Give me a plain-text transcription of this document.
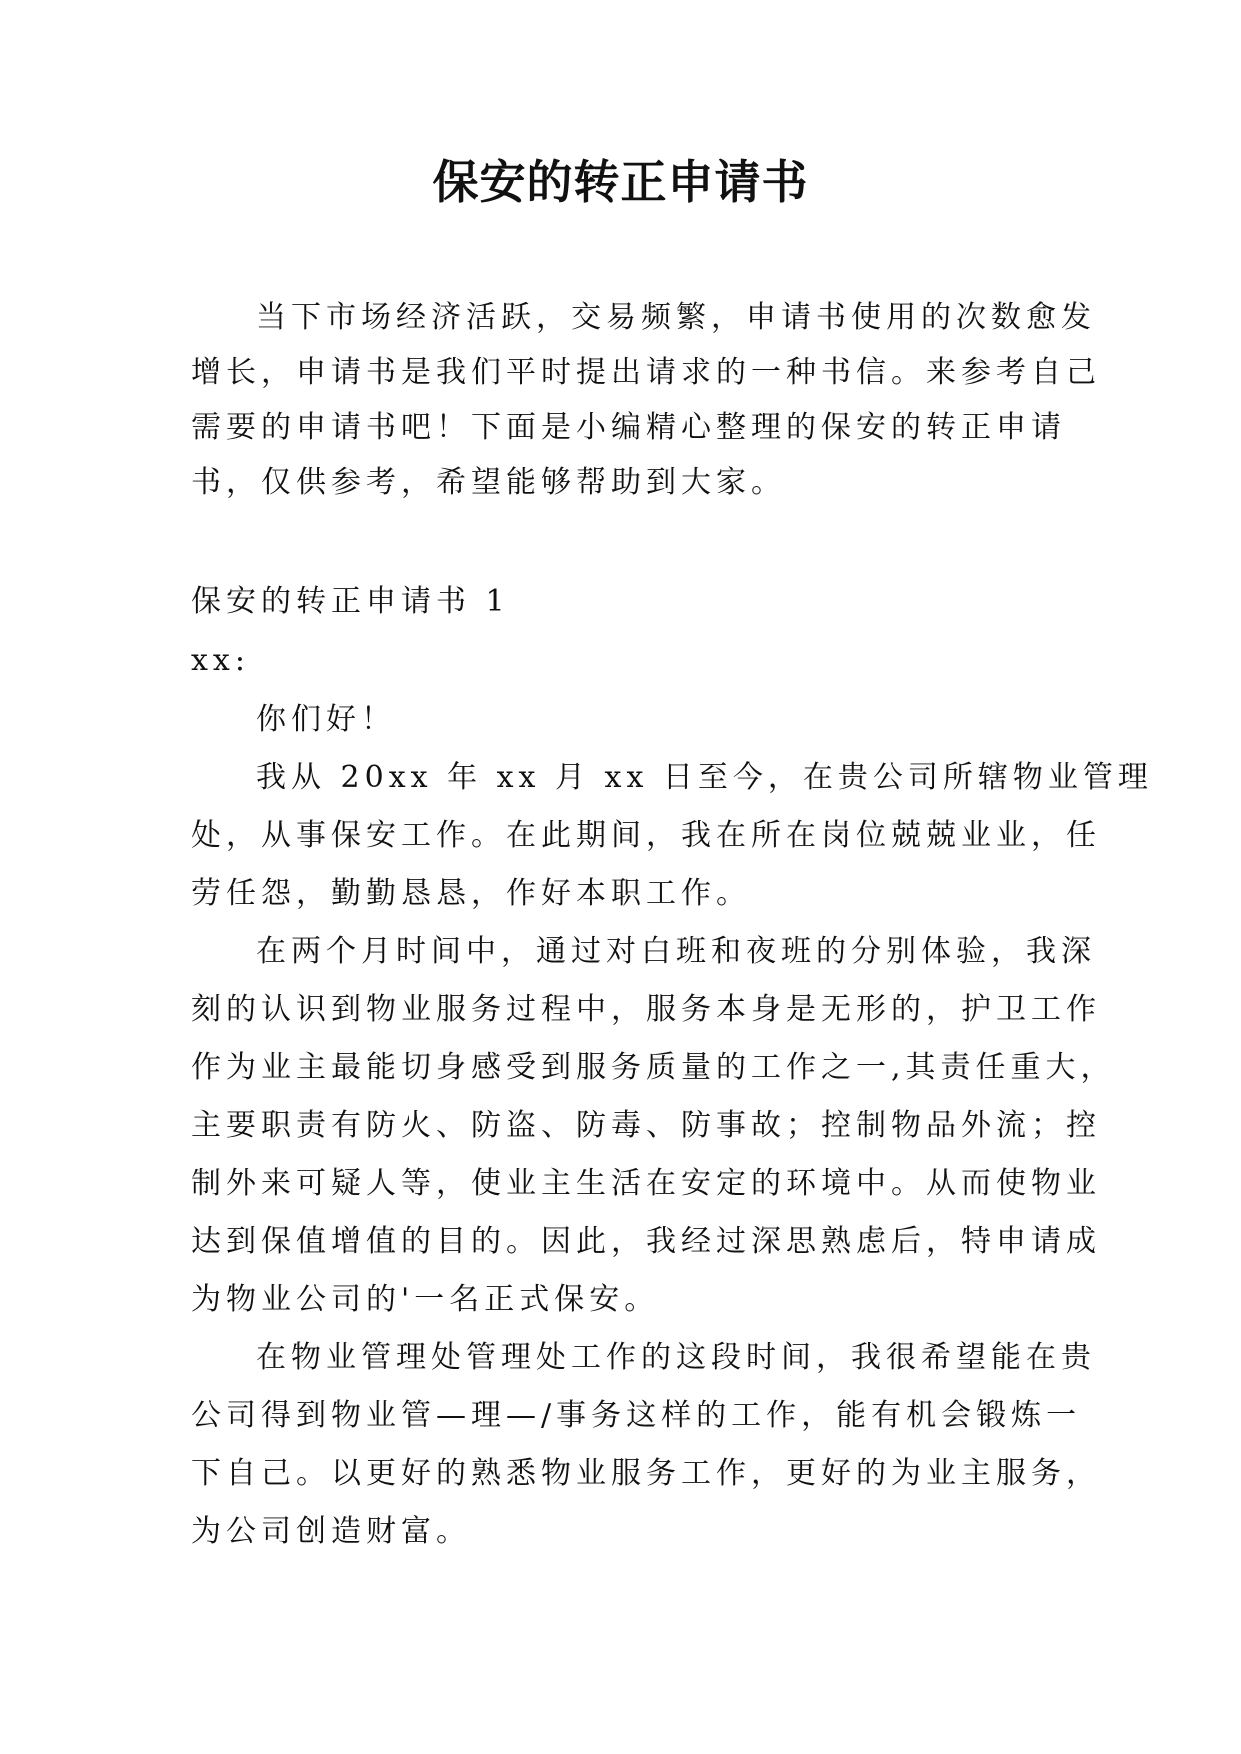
保安的转正申请书

当下市场经济活跃，交易频繁，申请书使用的次数愈发

增长，申请书是我们平时提出请求的一种书信。来参考自己

需要的申请书吧！下面是小编精心整理的保安的转正申请

书，仅供参考，希望能够帮助到大家。

保安的转正申请书 1

xx:

你们好！

我从 20xx 年 xx 月 xx 日至今，在贵公司所辖物业管理

处，从事保安工作。在此期间，我在所在岗位兢兢业业，任

劳任怨，勤勤恳恳，作好本职工作。

在两个月时间中，通过对白班和夜班的分别体验，我深

刻的认识到物业服务过程中，服务本身是无形的，护卫工作

作为业主最能切身感受到服务质量的工作之一,其责任重大，

主要职责有防火、防盗、防毒、防事故；控制物品外流；控

制外来可疑人等，使业主生活在安定的环境中。从而使物业

达到保值增值的目的。因此，我经过深思熟虑后，特申请成

为物业公司的'一名正式保安。

在物业管理处管理处工作的这段时间，我很希望能在贵

公司得到物业管—理—/事务这样的工作，能有机会锻炼一

下自己。以更好的熟悉物业服务工作，更好的为业主服务，

为公司创造财富。
